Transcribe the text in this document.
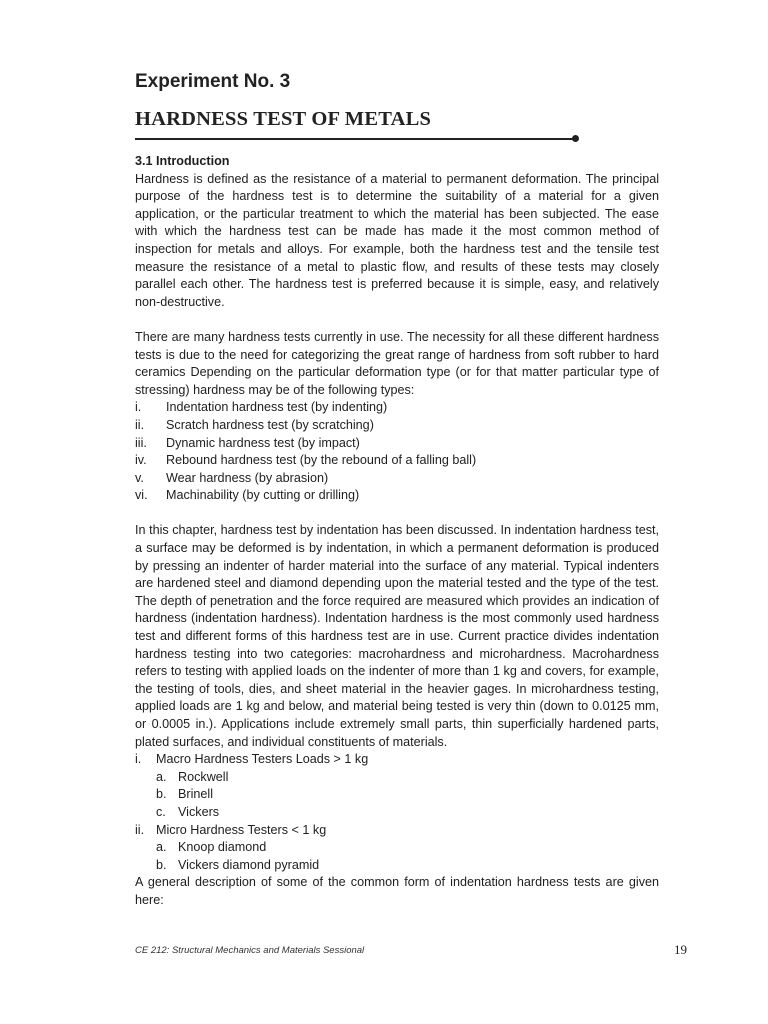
Experiment No. 3
HARDNESS TEST OF METALS

3.1 Introduction

Hardness is defined as the resistance of a material to permanent deformation. The principal purpose of the hardness test is to determine the suitability of a material for a given application, or the particular treatment to which the material has been subjected. The ease with which the hardness test can be made has made it the most common method of inspection for metals and alloys. For example, both the hardness test and the tensile test measure the resistance of a metal to plastic flow, and results of these tests may closely parallel each other. The hardness test is preferred because it is simple, easy, and relatively non-destructive.

There are many hardness tests currently in use. The necessity for all these different hardness tests is due to the need for categorizing the great range of hardness from soft rubber to hard ceramics Depending on the particular deformation type (or for that matter particular type of stressing) hardness may be of the following types:

i.	Indentation hardness test (by indenting)
ii.	Scratch hardness test (by scratching)
iii.	Dynamic hardness test (by impact)
iv.	Rebound hardness test (by the rebound of a falling ball)
v.	Wear hardness (by abrasion)
vi.	Machinability (by cutting or drilling)

In this chapter, hardness test by indentation has been discussed. In indentation hardness test, a surface may be deformed is by indentation, in which a permanent deformation is produced by pressing an indenter of harder material into the surface of any material. Typical indenters are hardened steel and diamond depending upon the material tested and the type of the test. The depth of penetration and the force required are measured which provides an indication of hardness (indentation hardness). Indentation hardness is the most commonly used hardness test and different forms of this hardness test are in use. Current practice divides indentation hardness testing into two categories: macrohardness and microhardness. Macrohardness refers to testing with applied loads on the indenter of more than 1 kg and covers, for example, the testing of tools, dies, and sheet material in the heavier gages. In microhardness testing, applied loads are 1 kg and below, and material being tested is very thin (down to 0.0125 mm, or 0.0005 in.). Applications include extremely small parts, thin superficially hardened parts, plated surfaces, and individual constituents of materials.

i.	Macro Hardness Testers Loads > 1 kg
a. Rockwell
b. Brinell
c. Vickers
ii. Micro Hardness Testers < 1 kg
a. Knoop diamond
b. Vickers diamond pyramid

A general description of some of the common form of indentation hardness tests are given here:

CE 212: Structural Mechanics and Materials Sessional	19
